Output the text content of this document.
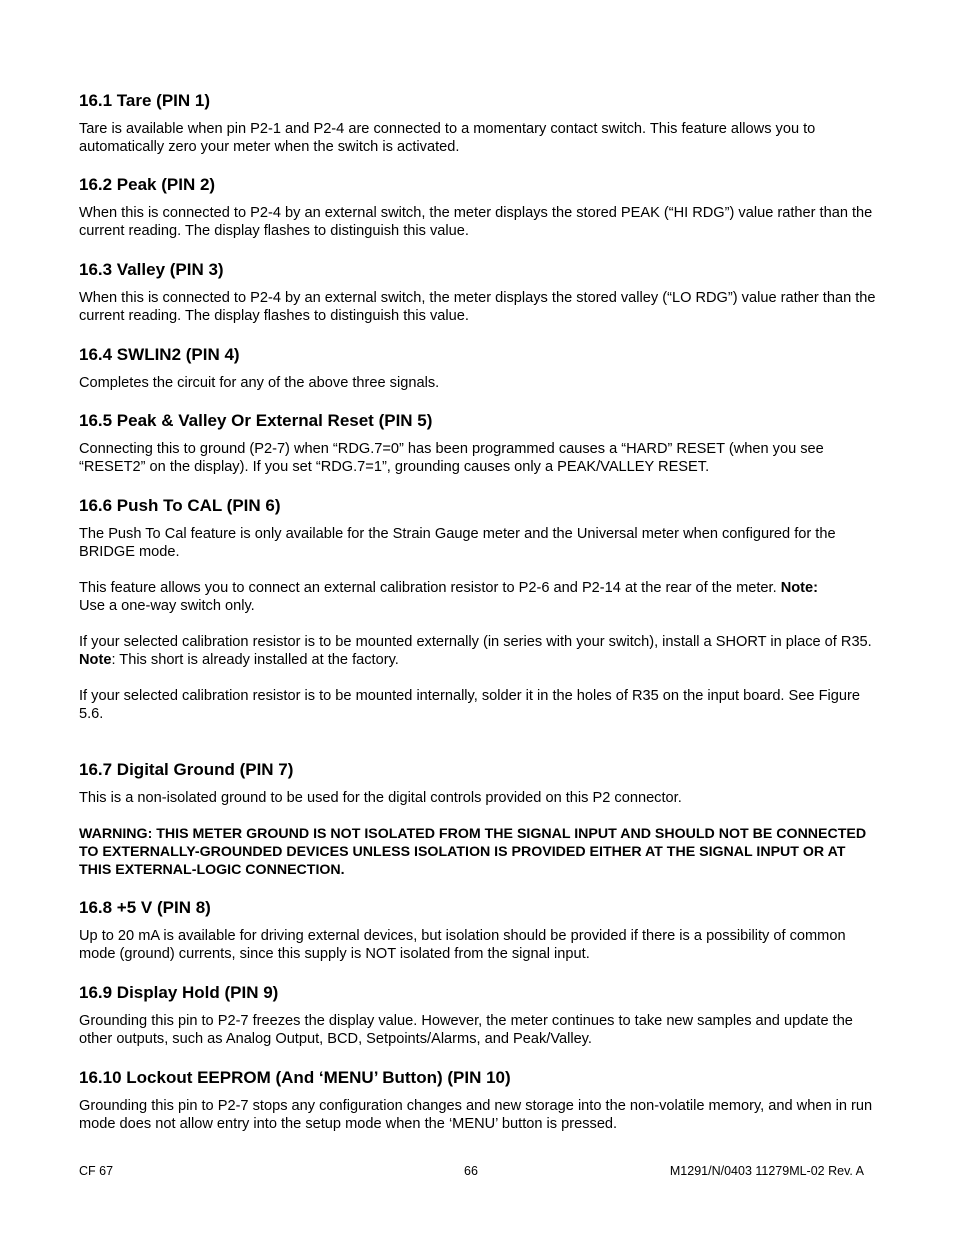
16.1 Tare (PIN 1)

Tare is available when pin P2-1 and P2-4 are connected to a momentary contact switch. This feature allows you to automatically zero your meter when the switch is activated.

16.2 Peak (PIN 2)

When this is connected to P2-4 by an external switch, the meter displays the stored PEAK (“HI RDG”) value rather than the current reading. The display flashes to distinguish this value.

16.3 Valley (PIN 3)

When this is connected to P2-4 by an external switch, the meter displays the stored valley (“LO RDG”) value rather than the current reading. The display flashes to distinguish this value.

16.4 SWLIN2 (PIN 4)

Completes the circuit for any of the above three signals.

16.5 Peak & Valley Or External Reset (PIN 5)

Connecting this to ground (P2-7) when “RDG.7=0” has been programmed causes a “HARD” RESET (when you see “RESET2” on the display). If you set “RDG.7=1”, grounding causes only a PEAK/VALLEY RESET.

16.6 Push To CAL (PIN 6)

The Push To Cal feature is only available for the Strain Gauge meter and the Universal meter when configured for the BRIDGE mode.

This feature allows you to connect an external calibration resistor to P2-6 and P2-14 at the rear of the meter. Note:
Use a one-way switch only.

If your selected calibration resistor is to be mounted externally (in series with your switch), install a SHORT in place of R35.

Note: This short is already installed at the factory.

If your selected calibration resistor is to be mounted internally, solder it in the holes of R35 on the input board. See Figure 5.6.

16.7 Digital Ground (PIN 7)

This is a non-isolated ground to be used for the digital controls provided on this P2 connector.

WARNING: THIS METER GROUND IS NOT ISOLATED FROM THE SIGNAL INPUT AND SHOULD NOT BE CONNECTED TO EXTERNALLY-GROUNDED DEVICES UNLESS ISOLATION IS PROVIDED EITHER AT THE SIGNAL INPUT OR AT THIS EXTERNAL-LOGIC CONNECTION.

16.8 +5 V (PIN 8)

Up to 20 mA is available for driving external devices, but isolation should be provided if there is a possibility of common mode (ground) currents, since this supply is NOT isolated from the signal input.

16.9 Display Hold (PIN 9)

Grounding this pin to P2-7 freezes the display value. However, the meter continues to take new samples and update the other outputs, such as Analog Output, BCD, Setpoints/Alarms, and Peak/Valley.

16.10 Lockout EEPROM (And ‘MENU’ Button) (PIN 10)

Grounding this pin to P2-7 stops any configuration changes and new storage into the non-volatile memory, and when in run mode does not allow entry into the setup mode when the ‘MENU’ button is pressed.

CF 67	66	M1291/N/0403 11279ML-02 Rev. A
